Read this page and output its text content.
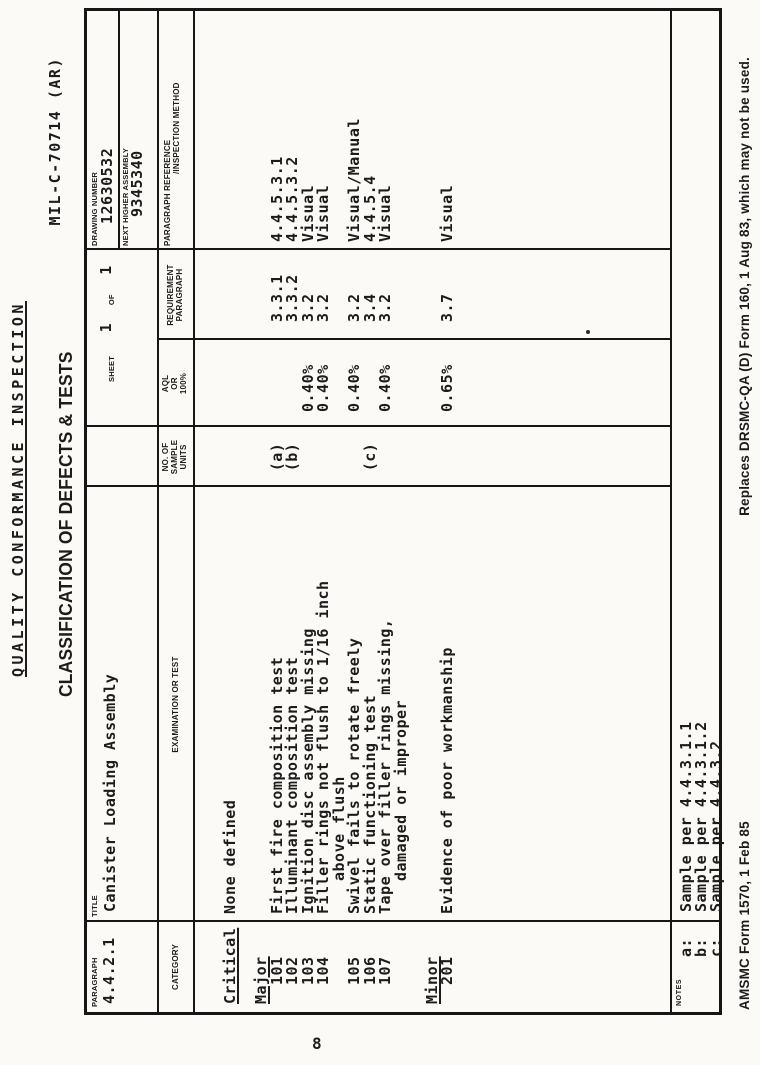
QUALITY CONFORMANCE INSPECTION
MIL-C-70714 (AR)
CLASSIFICATION OF DEFECTS & TESTS
PARAGRAPH 4.4.2.1
TITLE Canister Loading Assembly
SHEET 1 OF 1
DRAWING NUMBER 12630532 NEXT HIGHER ASSEMBLY
9345340
CATEGORY
EXAMINATION OR TEST
NO. OF SAMPLE UNITS
AQL OR 100%
REQUIREMENT PARAGRAPH
PARAGRAPH REFERENCE
/INSPECTION METHOD
Critical
None defined
Major
101
First fire composition test
(a)
3.3.1
4.4.5.3.1
102
Illuminant composition test
(b)
3.3.2
4.4.5.3.2
103
Ignition disc assembly missing
0.40%
3.2
Visual
104
Filler rings not flush to 1/16 inch
0.40%
3.2
Visual
above flush
105
Swivel fails to rotate freely
0.40%
3.2
Visual/Manual
106
Static functioning test
(c)
3.4
4.4.5.4
107
Tape over filler rings missing,
0.40%
3.2
Visual
damaged or improper
Minor
201
Evidence of poor workmanship
0.65%
3.7
Visual
NOTES
a:
Sample per 4.4.3.1.1
b:
Sample per 4.4.3.1.2
c:
Sample per 4.4.3.2 AMSMC Form 1570, 1 Feb 85
Replaces DRSMC-QA (D) Form 160, 1 Aug 83, which may not be used.
8
